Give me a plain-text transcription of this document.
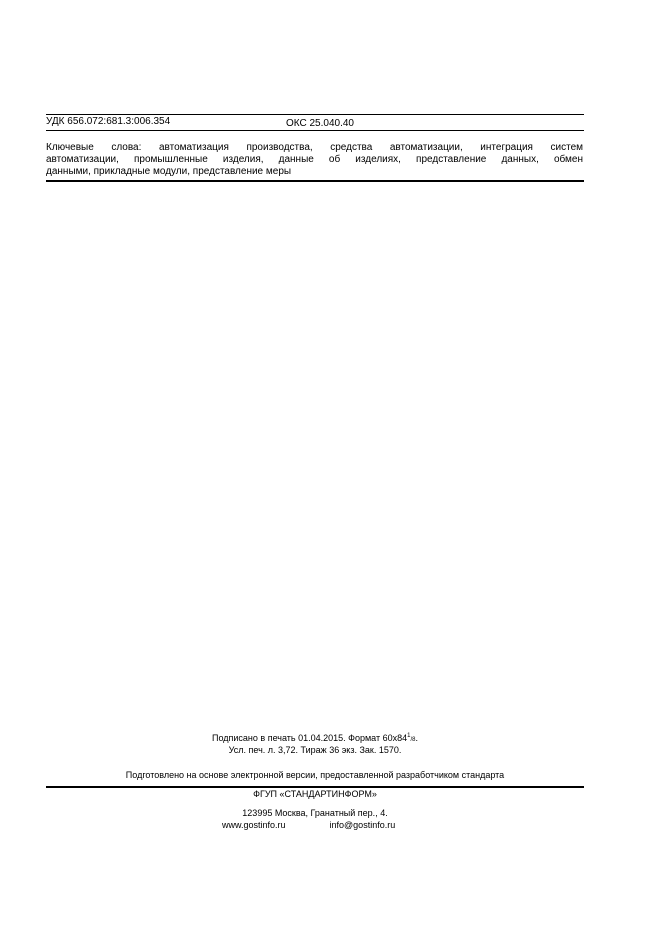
УДК 656.072:681.3:006.354	ОКС 25.040.40
Ключевые слова: автоматизация производства, средства автоматизации, интеграция систем
автоматизации, промышленные изделия, данные об изделиях, представление данных, обмен
данными, прикладные модули, представление меры
Подписано в печать 01.04.2015. Формат $60х84^1/8$.
Усл. печ. л. 3,72. Тираж 36 экз. Зак. 1570.
Подготовлено на основе электронной версии, предоставленной разработчиком стандарта
ФГУП «СТАНДАРТИНФОРМ»
123995 Москва, Гранатный пер., 4.
www.gostinfo.ru	info@gostinfo.ru
